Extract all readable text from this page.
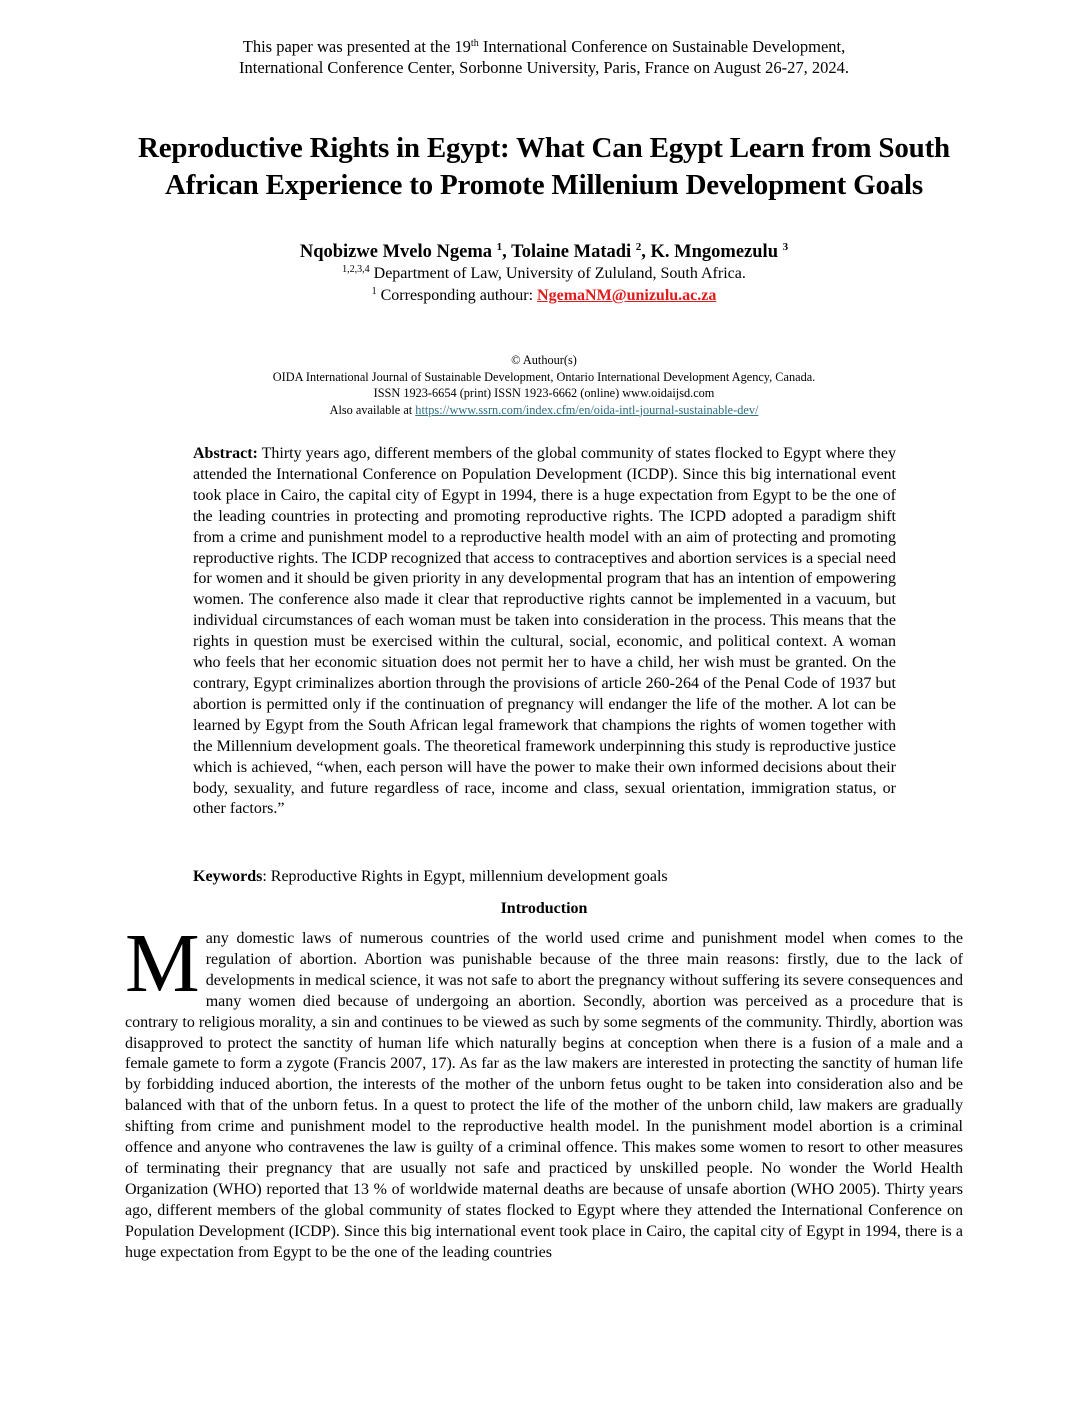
This paper was presented at the 19th International Conference on Sustainable Development,
International Conference Center, Sorbonne University, Paris, France on August 26-27, 2024.
Reproductive Rights in Egypt: What Can Egypt Learn from South African Experience to Promote Millenium Development Goals
Nqobizwe Mvelo Ngema $^1$, Tolaine Matadi $^2$, K. Mngomezulu $^3$
$^{1,2,3,4}$ Department of Law, University of Zululand, South Africa.
$^1$ Corresponding authour: NgemaNM@unizulu.ac.za
© Authour(s)
OIDA International Journal of Sustainable Development, Ontario International Development Agency, Canada.
ISSN 1923-6654 (print) ISSN 1923-6662 (online) www.oidaijsd.com
Also available at https://www.ssrn.com/index.cfm/en/oida-intl-journal-sustainable-dev/

Abstract: Thirty years ago, different members of the global community of states flocked to Egypt where they attended the International Conference on Population Development (ICDP). Since this big international event took place in Cairo, the capital city of Egypt in 1994, there is a huge expectation from Egypt to be the one of the leading countries in protecting and promoting reproductive rights. The ICPD adopted a paradigm shift from a crime and punishment model to a reproductive health model with an aim of protecting and promoting reproductive rights. The ICDP recognized that access to contraceptives and abortion services is a special need for women and it should be given priority in any developmental program that has an intention of empowering women. The conference also made it clear that reproductive rights cannot be implemented in a vacuum, but individual circumstances of each woman must be taken into consideration in the process. This means that the rights in question must be exercised within the cultural, social, economic, and political context. A woman who feels that her economic situation does not permit her to have a child, her wish must be granted. On the contrary, Egypt criminalizes abortion through the provisions of article 260-264 of the Penal Code of 1937 but abortion is permitted only if the continuation of pregnancy will endanger the life of the mother. A lot can be learned by Egypt from the South African legal framework that champions the rights of women together with the Millennium development goals. The theoretical framework underpinning this study is reproductive justice which is achieved, “when, each person will have the power to make their own informed decisions about their body, sexuality, and future regardless of race, income and class, sexual orientation, immigration status, or other factors.”

Keywords: Reproductive Rights in Egypt, millennium development goals

Introduction

Many domestic laws of numerous countries of the world used crime and punishment model when comes to the regulation of abortion. Abortion was punishable because of the three main reasons: firstly, due to the lack of developments in medical science, it was not safe to abort the pregnancy without suffering its severe consequences and many women died because of undergoing an abortion. Secondly, abortion was perceived as a procedure that is contrary to religious morality, a sin and continues to be viewed as such by some segments of the community. Thirdly, abortion was disapproved to protect the sanctity of human life which naturally begins at conception when there is a fusion of a male and a female gamete to form a zygote (Francis 2007, 17). As far as the law makers are interested in protecting the sanctity of human life by forbidding induced abortion, the interests of the mother of the unborn fetus ought to be taken into consideration also and be balanced with that of the unborn fetus. In a quest to protect the life of the mother of the unborn child, law makers are gradually shifting from crime and punishment model to the reproductive health model. In the punishment model abortion is a criminal offence and anyone who contravenes the law is guilty of a criminal offence. This makes some women to resort to other measures of terminating their pregnancy that are usually not safe and practiced by unskilled people. No wonder the World Health Organization (WHO) reported that 13 % of worldwide maternal deaths are because of unsafe abortion (WHO 2005). Thirty years ago, different members of the global community of states flocked to Egypt where they attended the International Conference on Population Development (ICDP). Since this big international event took place in Cairo, the capital city of Egypt in 1994, there is a huge expectation from Egypt to be the one of the leading countries
